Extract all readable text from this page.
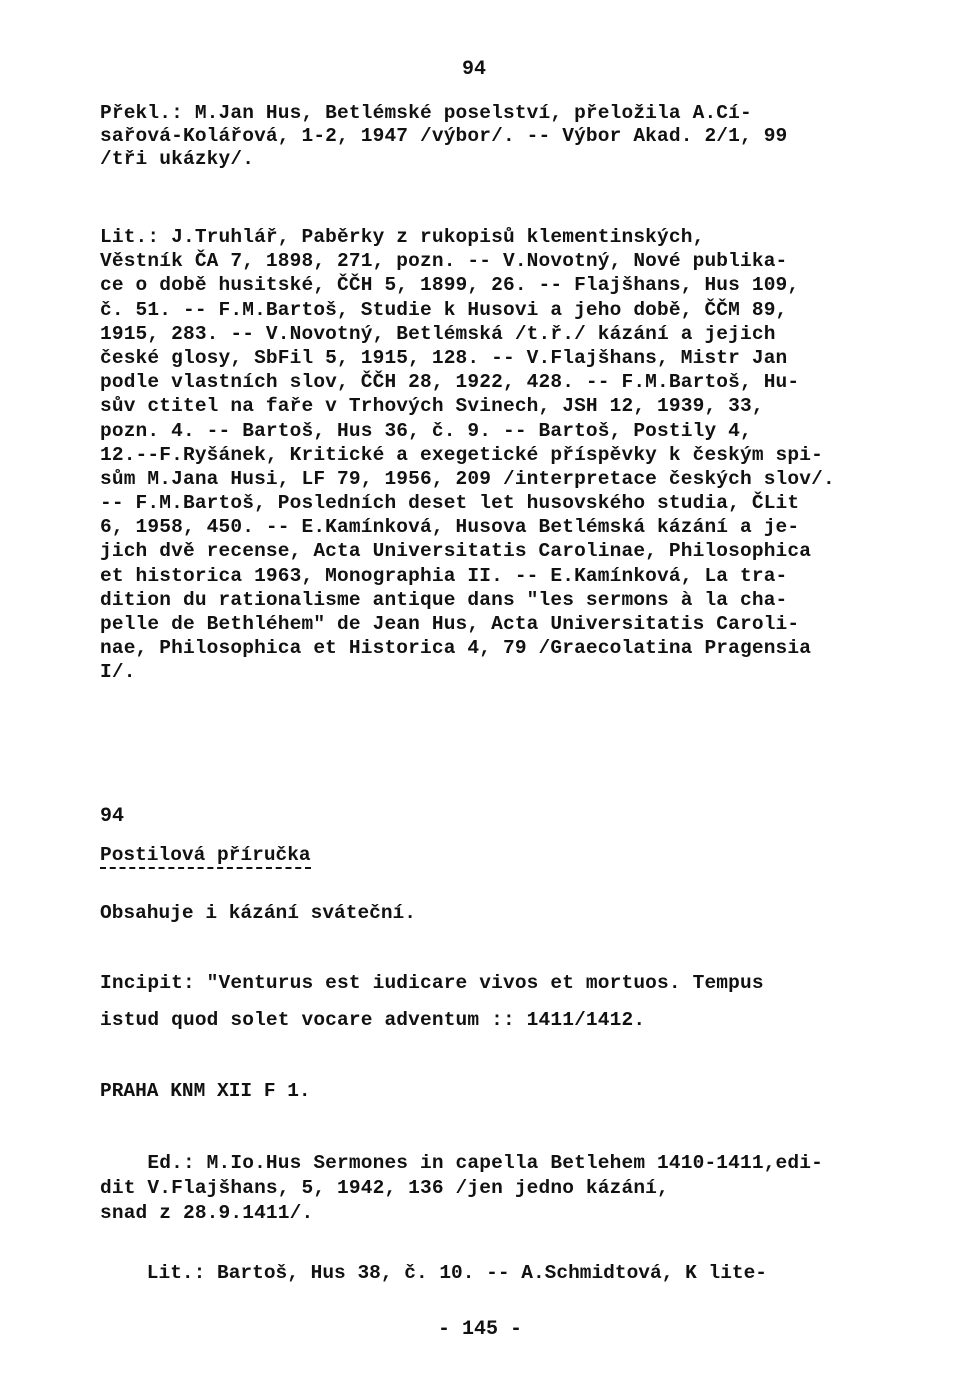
94
Překl.: M.Jan Hus, Betlémské poselství, přeložila A.Cí-
sařová-Kolářová, 1-2, 1947 /výbor/. -- Výbor Akad. 2/1, 99
/tři ukázky/.
Lit.: J.Truhlář, Paběrky z rukopisů klementinských,
Věstník ČA 7, 1898, 271, pozn. -- V.Novotný, Nové publika-
ce o době husitské, ČČH 5, 1899, 26. -- Flajšhans, Hus 109,
č. 51. -- F.M.Bartoš, Studie k Husovi a jeho době, ČČM 89,
1915, 283. -- V.Novotný, Betlémská /t.ř./ kázání a jejich
české glosy, SbFil 5, 1915, 128. -- V.Flajšhans, Mistr Jan
podle vlastních slov, ČČH 28, 1922, 428. -- F.M.Bartoš, Hu-
sův ctitel na faře v Trhových Svinech, JSH 12, 1939, 33,
pozn. 4. -- Bartoš, Hus 36, č. 9. -- Bartoš, Postily 4,
12.--F.Ryšánek, Kritické a exegetické příspěvky k českým spi-
sům M.Jana Husi, LF 79, 1956, 209 /interpretace českých slov/.
-- F.M.Bartoš, Posledních deset let husovského studia, ČLit
6, 1958, 450. -- E.Kamínková, Husova Betlémská kázání a je-
jich dvě recense, Acta Universitatis Carolinae, Philosophica
et historica 1963, Monographia II. -- E.Kamínková, La tra-
dition du rationalisme antique dans "les sermons à la cha-
pelle de Bethléhem" de Jean Hus, Acta Universitatis Caroli-
nae, Philosophica et Historica 4, 79 /Graecolatina Pragensia
I/.
94
Postilová příručka
Obsahuje i kázání sváteční.
Incipit: "Venturus est iudicare vivos et mortuos. Tempus
istud quod solet vocare adventum :: 1411/1412.
PRAHA KNM XII F 1.
Ed.: M.Io.Hus Sermones in capella Betlehem 1410-1411,edi-
dit V.Flajšhans, 5, 1942, 136 /jen jedno kázání,
snad z 28.9.1411/.
Lit.: Bartoš, Hus 38, č. 10. -- A.Schmidtová, K lite-
- 145 -
